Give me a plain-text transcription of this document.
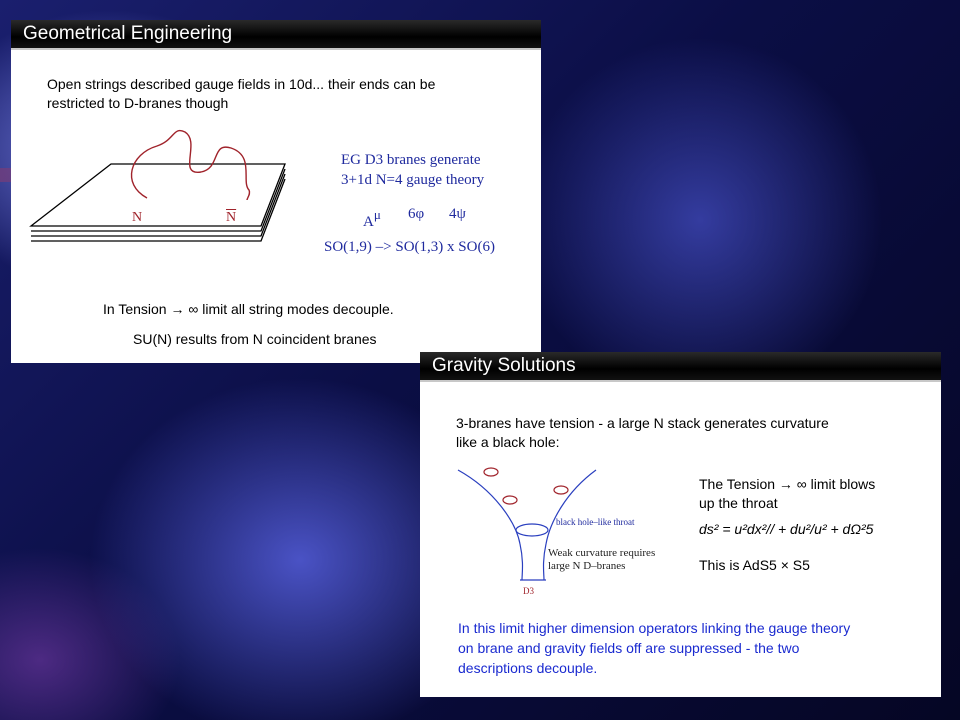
Geometrical Engineering
Open strings described gauge fields in 10d... their ends can be
restricted to D-branes though
N	$\overline{N}$
EG D3 branes generate
3+1d N=4 gauge theory
Aμ 6φ 4ψ
SO(1,9) –> SO(1,3) x SO(6)
In Tension → ∞ limit all string modes decouple.
SU(N) results from N coincident branes
Gravity Solutions
3-branes have tension - a large N stack generates curvature
like a black hole:
black hole–like throat
Weak curvature requires
large N D–branes
D3
The Tension → ∞ limit blows
up the throat
ds² = u²dx²// + du²/u² + dΩ²5
This is AdS5 × S5
In this limit higher dimension operators linking the gauge theory
on brane and gravity fields off are suppressed - the two
descriptions decouple.
